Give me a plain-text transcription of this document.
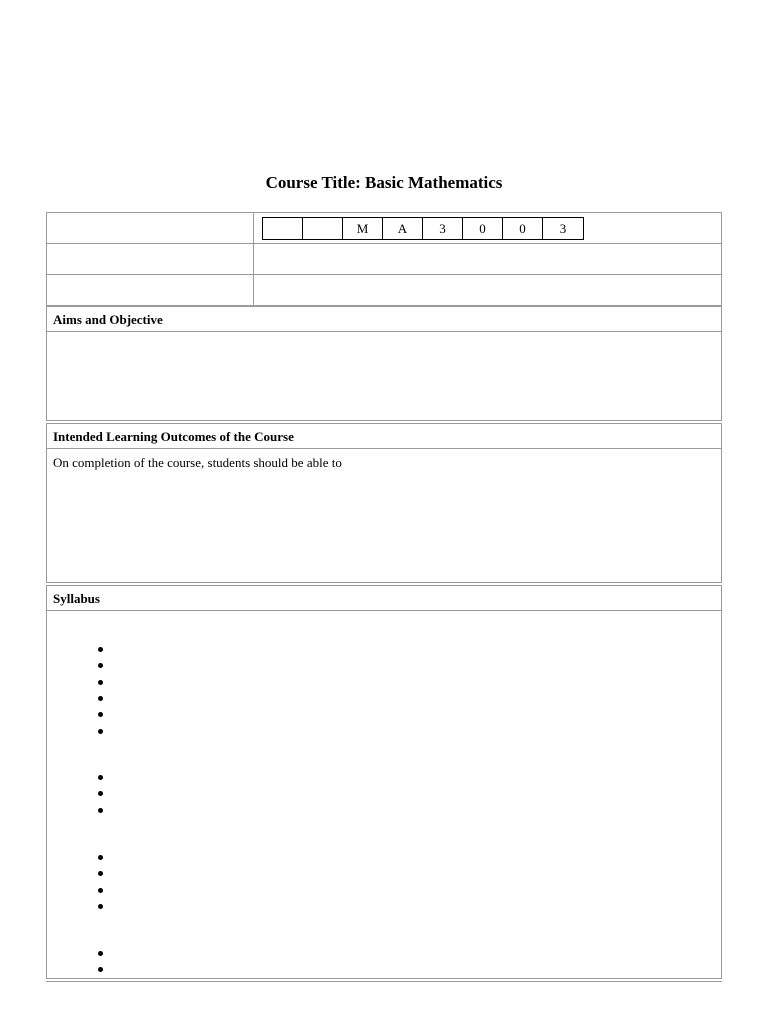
Course Title: Basic Mathematics
M	A	3	0	0	3
Aims and Objective
Intended Learning Outcomes of the Course
On completion of the course, students should be able to
Syllabus
